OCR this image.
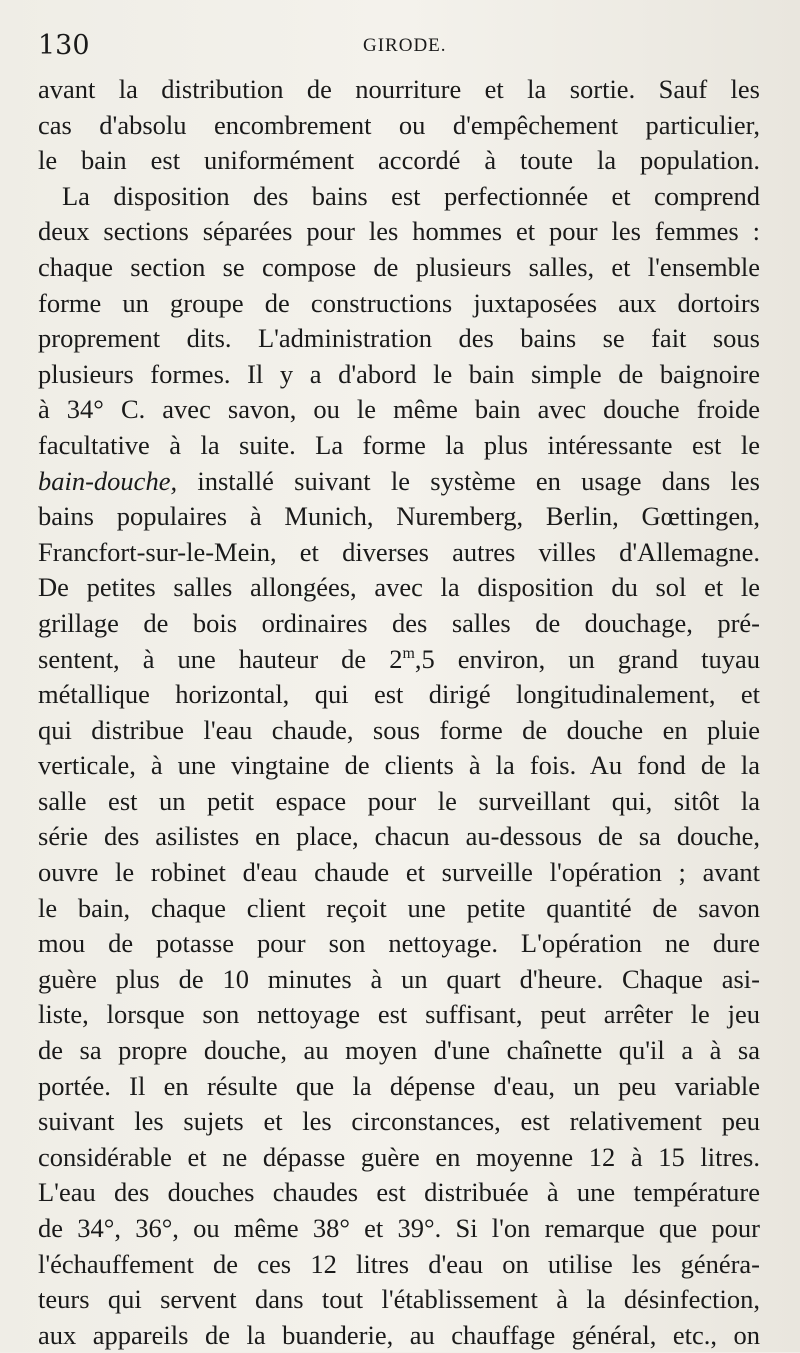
130	GIRODE.
avant la distribution de nourriture et la sortie. Sauf les
cas d'absolu encombrement ou d'empêchement particulier,
le bain est uniformément accordé à toute la population.
La disposition des bains est perfectionnée et comprend
deux sections séparées pour les hommes et pour les femmes :
chaque section se compose de plusieurs salles, et l'ensemble
forme un groupe de constructions juxtaposées aux dortoirs
proprement dits. L'administration des bains se fait sous
plusieurs formes. Il y a d'abord le bain simple de baignoire
à 34° C. avec savon, ou le même bain avec douche froide
facultative à la suite. La forme la plus intéressante est le
bain-douche, installé suivant le système en usage dans les
bains populaires à Munich, Nuremberg, Berlin, Gœttingen,
Francfort-sur-le-Mein, et diverses autres villes d'Allemagne.
De petites salles allongées, avec la disposition du sol et le
grillage de bois ordinaires des salles de douchage, pré-
sentent, à une hauteur de 2$^m$,5 environ, un grand tuyau
métallique horizontal, qui est dirigé longitudinalement, et
qui distribue l'eau chaude, sous forme de douche en pluie
verticale, à une vingtaine de clients à la fois. Au fond de la
salle est un petit espace pour le surveillant qui, sitôt la
série des asilistes en place, chacun au-dessous de sa douche,
ouvre le robinet d'eau chaude et surveille l'opération ; avant
le bain, chaque client reçoit une petite quantité de savon
mou de potasse pour son nettoyage. L'opération ne dure
guère plus de 10 minutes à un quart d'heure. Chaque asi-
liste, lorsque son nettoyage est suffisant, peut arrêter le jeu
de sa propre douche, au moyen d'une chaînette qu'il a à sa
portée. Il en résulte que la dépense d'eau, un peu variable
suivant les sujets et les circonstances, est relativement peu
considérable et ne dépasse guère en moyenne 12 à 15 litres.
L'eau des douches chaudes est distribuée à une température
de 34°, 36°, ou même 38° et 39°. Si l'on remarque que pour
l'échauffement de ces 12 litres d'eau on utilise les généra-
teurs qui servent dans tout l'établissement à la désinfection,
aux appareils de la buanderie, au chauffage général, etc., on
